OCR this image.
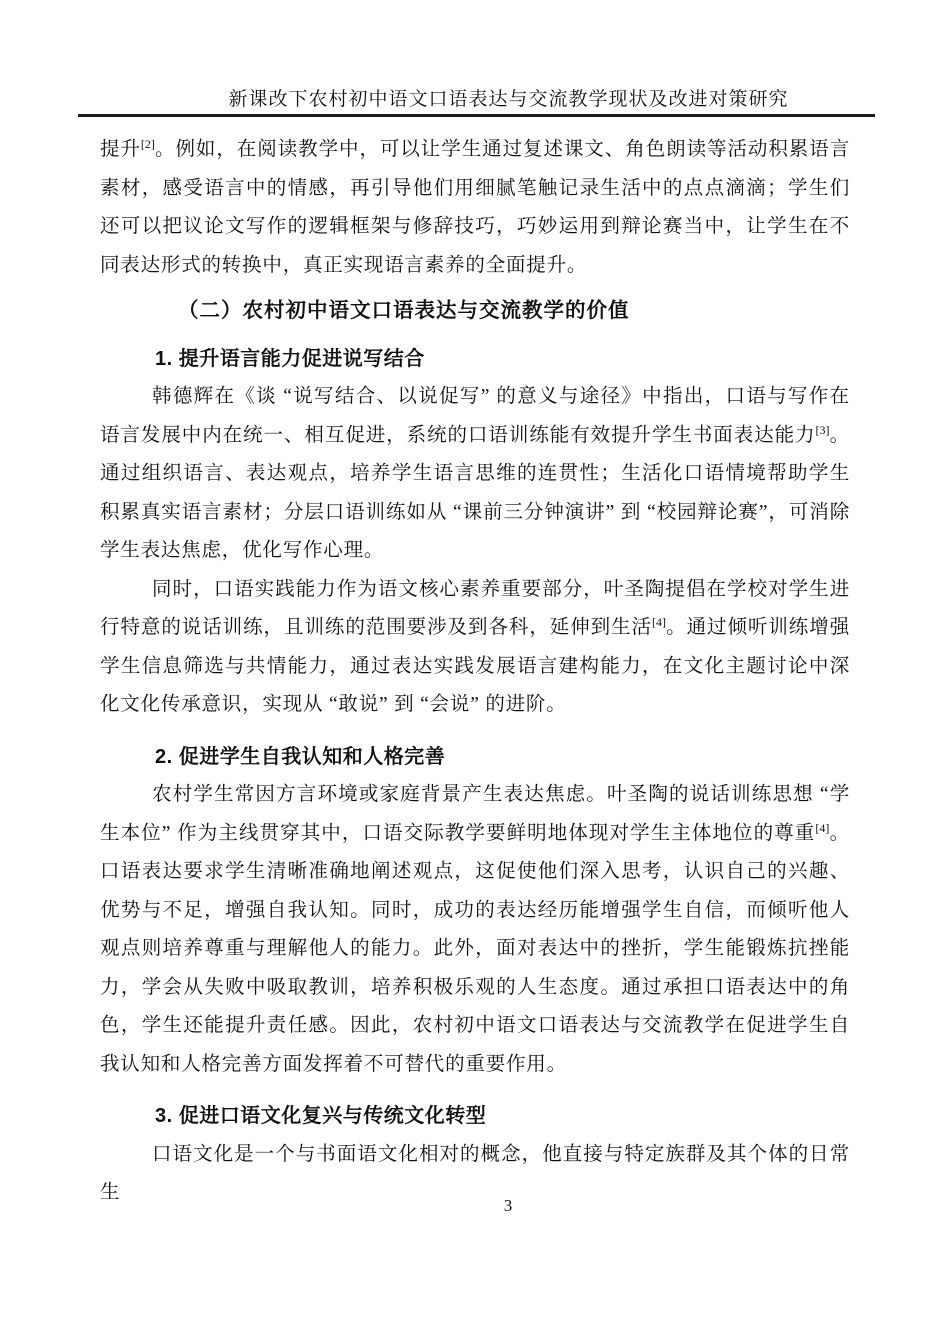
新课改下农村初中语文口语表达与交流教学现状及改进对策研究

提升[2]。例如，在阅读教学中，可以让学生通过复述课文、角色朗读等活动积累语言素材，感受语言中的情感，再引导他们用细腻笔触记录生活中的点点滴滴；学生们还可以把议论文写作的逻辑框架与修辞技巧，巧妙运用到辩论赛当中，让学生在不同表达形式的转换中，真正实现语言素养的全面提升。

（二）农村初中语文口语表达与交流教学的价值
1. 提升语言能力促进说写结合

韩德辉在《谈 “说写结合、以说促写” 的意义与途径》中指出，口语与写作在语言发展中内在统一、相互促进，系统的口语训练能有效提升学生书面表达能力[3]。通过组织语言、表达观点，培养学生语言思维的连贯性；生活化口语情境帮助学生积累真实语言素材；分层口语训练如从 “课前三分钟演讲” 到 “校园辩论赛”，可消除学生表达焦虑，优化写作心理。

同时，口语实践能力作为语文核心素养重要部分，叶圣陶提倡在学校对学生进行特意的说话训练，且训练的范围要涉及到各科，延伸到生活[4]。通过倾听训练增强学生信息筛选与共情能力，通过表达实践发展语言建构能力，在文化主题讨论中深化文化传承意识，实现从 “敢说” 到 “会说” 的进阶。

2. 促进学生自我认知和人格完善

农村学生常因方言环境或家庭背景产生表达焦虑。叶圣陶的说话训练思想 “学生本位” 作为主线贯穿其中，口语交际教学要鲜明地体现对学生主体地位的尊重[4]。口语表达要求学生清晰准确地阐述观点，这促使他们深入思考，认识自己的兴趣、优势与不足，增强自我认知。同时，成功的表达经历能增强学生自信，而倾听他人观点则培养尊重与理解他人的能力。此外，面对表达中的挫折，学生能锻炼抗挫能力，学会从失败中吸取教训，培养积极乐观的人生态度。通过承担口语表达中的角色，学生还能提升责任感。因此，农村初中语文口语表达与交流教学在促进学生自我认知和人格完善方面发挥着不可替代的重要作用。

3. 促进口语文化复兴与传统文化转型

口语文化是一个与书面语文化相对的概念，他直接与特定族群及其个体的日常生

3
